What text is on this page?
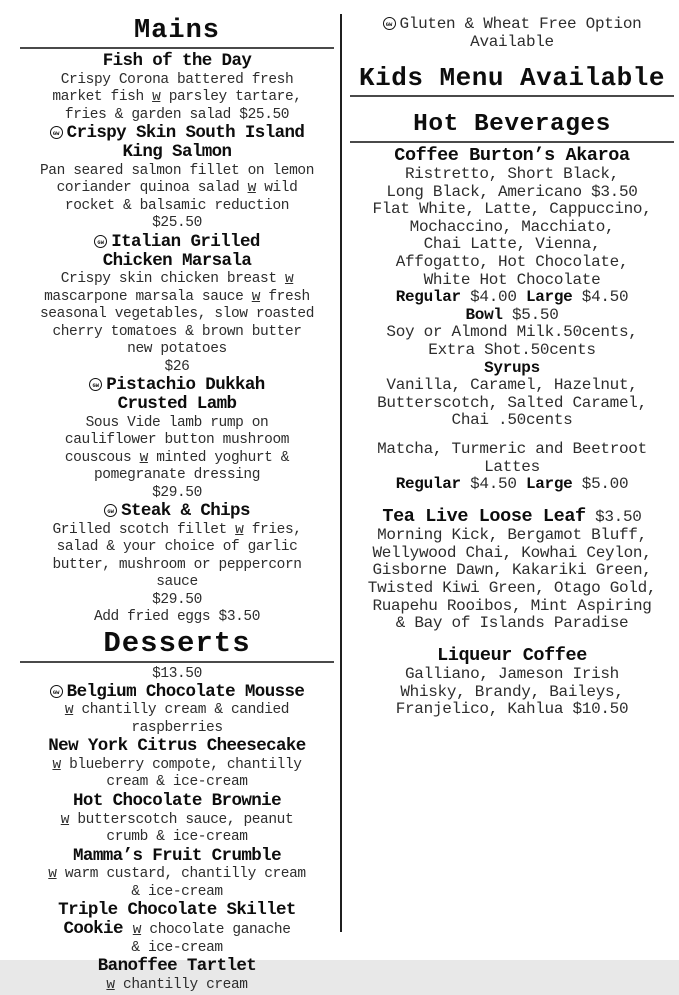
Mains
Fish of the Day
Crispy Corona battered fresh
market fish w parsley tartare,
fries & garden salad $25.50
GW Crispy Skin South Island
King Salmon
Pan seared salmon fillet on lemon
coriander quinoa salad w wild
rocket & balsamic reduction
$25.50
GW Italian Grilled
Chicken Marsala
Crispy skin chicken breast w
mascarpone marsala sauce w fresh
seasonal vegetables, slow roasted
cherry tomatoes & brown butter
new potatoes
$26
GW Pistachio Dukkah
Crusted Lamb
Sous Vide lamb rump on
cauliflower button mushroom
couscous w minted yoghurt &
pomegranate dressing
$29.50
GW Steak & Chips
Grilled scotch fillet w fries,
salad & your choice of garlic
butter, mushroom or peppercorn
sauce
$29.50
Add fried eggs $3.50
Desserts
$13.50
GW Belgium Chocolate Mousse
w chantilly cream & candied
raspberries
New York Citrus Cheesecake
w blueberry compote, chantilly
cream & ice-cream
Hot Chocolate Brownie
w butterscotch sauce, peanut
crumb & ice-cream
Mamma’s Fruit Crumble
w warm custard, chantilly cream
& ice-cream
Triple Chocolate Skillet
Cookie w chocolate ganache
& ice-cream
Banoffee Tartlet
w chantilly cream
GW Gluten & Wheat Free Option
Available
Kids Menu Available
Hot Beverages
Coffee Burton’s Akaroa
Ristretto, Short Black,
Long Black, Americano $3.50
Flat White, Latte, Cappuccino,
Mochaccino, Macchiato,
Chai Latte, Vienna,
Affogatto, Hot Chocolate,
White Hot Chocolate
Regular $4.00 Large $4.50
Bowl $5.50
Soy or Almond Milk.50cents,
Extra Shot.50cents
Syrups
Vanilla, Caramel, Hazelnut,
Butterscotch, Salted Caramel,
Chai .50cents
Matcha, Turmeric and Beetroot
Lattes
Regular $4.50 Large $5.00
Tea Live Loose Leaf $3.50
Morning Kick, Bergamot Bluff,
Wellywood Chai, Kowhai Ceylon,
Gisborne Dawn, Kakariki Green,
Twisted Kiwi Green, Otago Gold,
Ruapehu Rooibos, Mint Aspiring
& Bay of Islands Paradise
Liqueur Coffee
Galliano, Jameson Irish
Whisky, Brandy, Baileys,
Franjelico, Kahlua $10.50
